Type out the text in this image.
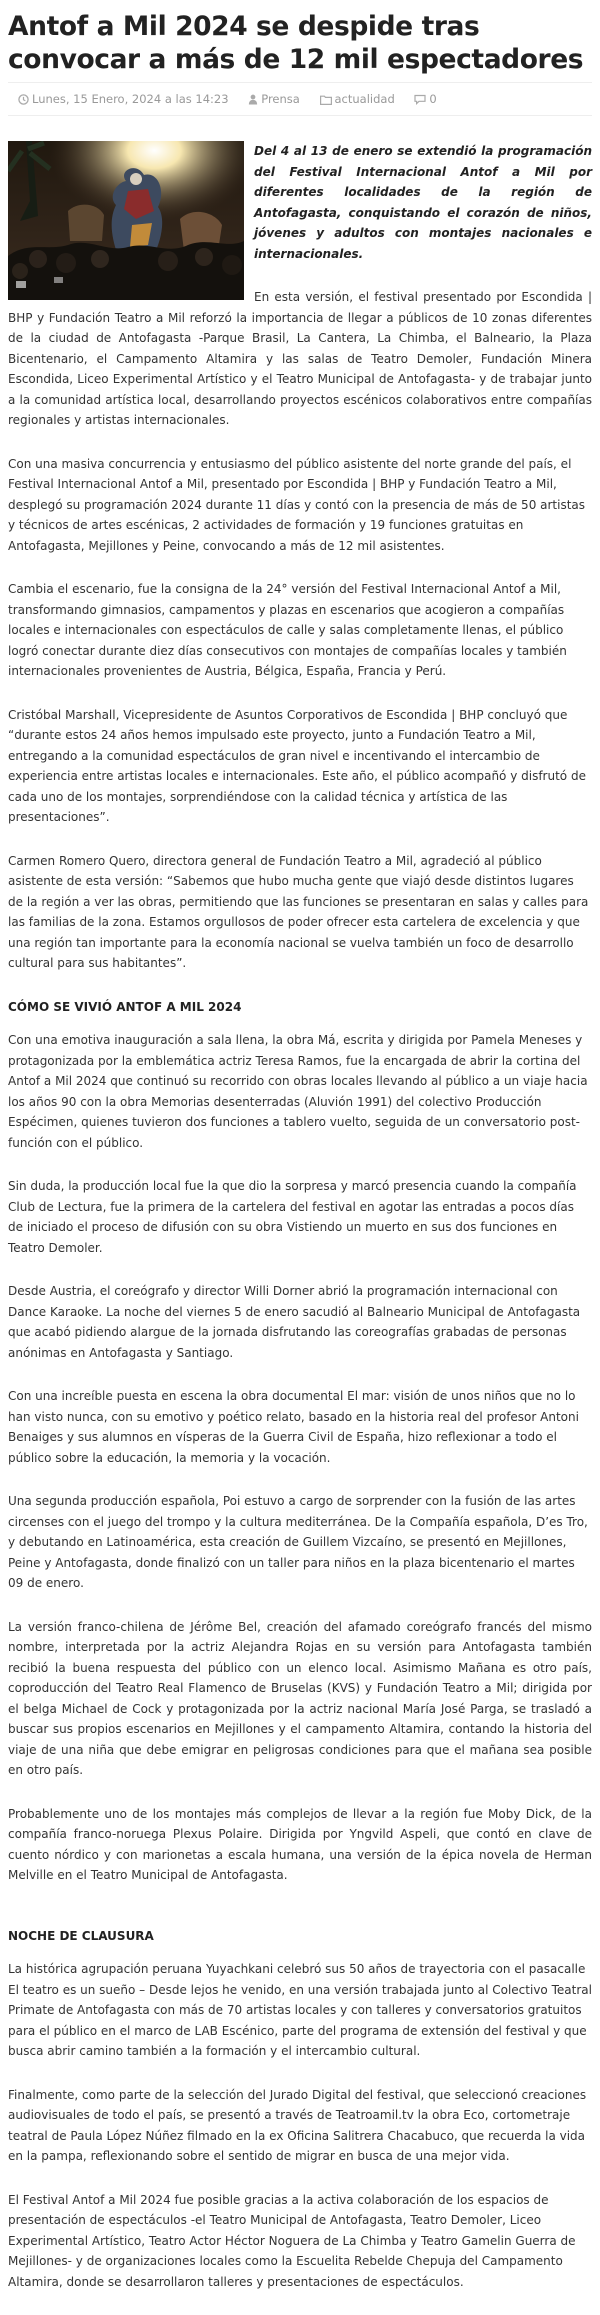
Antof a Mil 2024 se despide tras convocar a más de 12 mil espectadores
Lunes, 15 Enero, 2024 a las 14:23	Prensa	actualidad	0

Del 4 al 13 de enero se extendió la programación del Festival Internacional Antof a Mil por diferentes localidades de la región de Antofagasta, conquistando el corazón de niños, jóvenes y adultos con montajes nacionales e internacionales.

En esta versión, el festival presentado por Escondida | BHP y Fundación Teatro a Mil reforzó la importancia de llegar a públicos de 10 zonas diferentes de la ciudad de Antofagasta -Parque Brasil, La Cantera, La Chimba, el Balneario, la Plaza Bicentenario, el Campamento Altamira y las salas de Teatro Demoler, Fundación Minera Escondida, Liceo Experimental Artístico y el Teatro Municipal de Antofagasta- y de trabajar junto a la comunidad artística local, desarrollando proyectos escénicos colaborativos entre compañías regionales y artistas internacionales.

Con una masiva concurrencia y entusiasmo del público asistente del norte grande del país, el Festival Internacional Antof a Mil, presentado por Escondida | BHP y Fundación Teatro a Mil, desplegó su programación 2024 durante 11 días y contó con la presencia de más de 50 artistas y técnicos de artes escénicas, 2 actividades de formación y 19 funciones gratuitas en Antofagasta, Mejillones y Peine, convocando a más de 12 mil asistentes.

Cambia el escenario, fue la consigna de la 24° versión del Festival Internacional Antof a Mil, transformando gimnasios, campamentos y plazas en escenarios que acogieron a compañías locales e internacionales con espectáculos de calle y salas completamente llenas, el público logró conectar durante diez días consecutivos con montajes de compañías locales y también internacionales provenientes de Austria, Bélgica, España, Francia y Perú.

Cristóbal Marshall, Vicepresidente de Asuntos Corporativos de Escondida | BHP concluyó que “durante estos 24 años hemos impulsado este proyecto, junto a Fundación Teatro a Mil, entregando a la comunidad espectáculos de gran nivel e incentivando el intercambio de experiencia entre artistas locales e internacionales. Este año, el público acompañó y disfrutó de cada uno de los montajes, sorprendiéndose con la calidad técnica y artística de las presentaciones”.

Carmen Romero Quero, directora general de Fundación Teatro a Mil, agradeció al público asistente de esta versión: “Sabemos que hubo mucha gente que viajó desde distintos lugares de la región a ver las obras, permitiendo que las funciones se presentaran en salas y calles para las familias de la zona. Estamos orgullosos de poder ofrecer esta cartelera de excelencia y que una región tan importante para la economía nacional se vuelva también un foco de desarrollo cultural para sus habitantes”.

CÓMO SE VIVIÓ ANTOF A MIL 2024

Con una emotiva inauguración a sala llena, la obra Má, escrita y dirigida por Pamela Meneses y protagonizada por la emblemática actriz Teresa Ramos, fue la encargada de abrir la cortina del Antof a Mil 2024 que continuó su recorrido con obras locales llevando al público a un viaje hacia los años 90 con la obra Memorias desenterradas (Aluvión 1991) del colectivo Producción Espécimen, quienes tuvieron dos funciones a tablero vuelto, seguida de un conversatorio post-función con el público.

Sin duda, la producción local fue la que dio la sorpresa y marcó presencia cuando la compañía Club de Lectura, fue la primera de la cartelera del festival en agotar las entradas a pocos días de iniciado el proceso de difusión con su obra Vistiendo un muerto en sus dos funciones en Teatro Demoler.

Desde Austria, el coreógrafo y director Willi Dorner abrió la programación internacional con Dance Karaoke. La noche del viernes 5 de enero sacudió al Balneario Municipal de Antofagasta que acabó pidiendo alargue de la jornada disfrutando las coreografías grabadas de personas anónimas en Antofagasta y Santiago.

Con una increíble puesta en escena la obra documental El mar: visión de unos niños que no lo han visto nunca, con su emotivo y poético relato, basado en la historia real del profesor Antoni Benaiges y sus alumnos en vísperas de la Guerra Civil de España, hizo reflexionar a todo el público sobre la educación, la memoria y la vocación.

Una segunda producción española, Poi estuvo a cargo de sorprender con la fusión de las artes circenses con el juego del trompo y la cultura mediterránea. De la Compañía española, D’es Tro, y debutando en Latinoamérica, esta creación de Guillem Vizcaíno, se presentó en Mejillones, Peine y Antofagasta, donde finalizó con un taller para niños en la plaza bicentenario el martes 09 de enero.

La versión franco-chilena de Jérôme Bel, creación del afamado coreógrafo francés del mismo nombre, interpretada por la actriz Alejandra Rojas en su versión para Antofagasta también recibió la buena respuesta del público con un elenco local. Asimismo Mañana es otro país, coproducción del Teatro Real Flamenco de Bruselas (KVS) y Fundación Teatro a Mil; dirigida por el belga Michael de Cock y protagonizada por la actriz nacional María José Parga, se trasladó a buscar sus propios escenarios en Mejillones y el campamento Altamira, contando la historia del viaje de una niña que debe emigrar en peligrosas condiciones para que el mañana sea posible en otro país.

Probablemente uno de los montajes más complejos de llevar a la región fue Moby Dick, de la compañía franco-noruega Plexus Polaire. Dirigida por Yngvild Aspeli, que contó en clave de cuento nórdico y con marionetas a escala humana, una versión de la épica novela de Herman Melville en el Teatro Municipal de Antofagasta.

NOCHE DE CLAUSURA

La histórica agrupación peruana Yuyachkani celebró sus 50 años de trayectoria con el pasacalle El teatro es un sueño – Desde lejos he venido, en una versión trabajada junto al Colectivo Teatral Primate de Antofagasta con más de 70 artistas locales y con talleres y conversatorios gratuitos para el público en el marco de LAB Escénico, parte del programa de extensión del festival y que busca abrir camino también a la formación y el intercambio cultural.

Finalmente, como parte de la selección del Jurado Digital del festival, que seleccionó creaciones audiovisuales de todo el país, se presentó a través de Teatroamil.tv la obra Eco, cortometraje teatral de Paula López Núñez filmado en la ex Oficina Salitrera Chacabuco, que recuerda la vida en la pampa, reflexionando sobre el sentido de migrar en busca de una mejor vida.

El Festival Antof a Mil 2024 fue posible gracias a la activa colaboración de los espacios de presentación de espectáculos -el Teatro Municipal de Antofagasta, Teatro Demoler, Liceo Experimental Artístico, Teatro Actor Héctor Noguera de La Chimba y Teatro Gamelin Guerra de Mejillones- y de organizaciones locales como la Escuelita Rebelde Chepuja del Campamento Altamira, donde se desarrollaron talleres y presentaciones de espectáculos.
